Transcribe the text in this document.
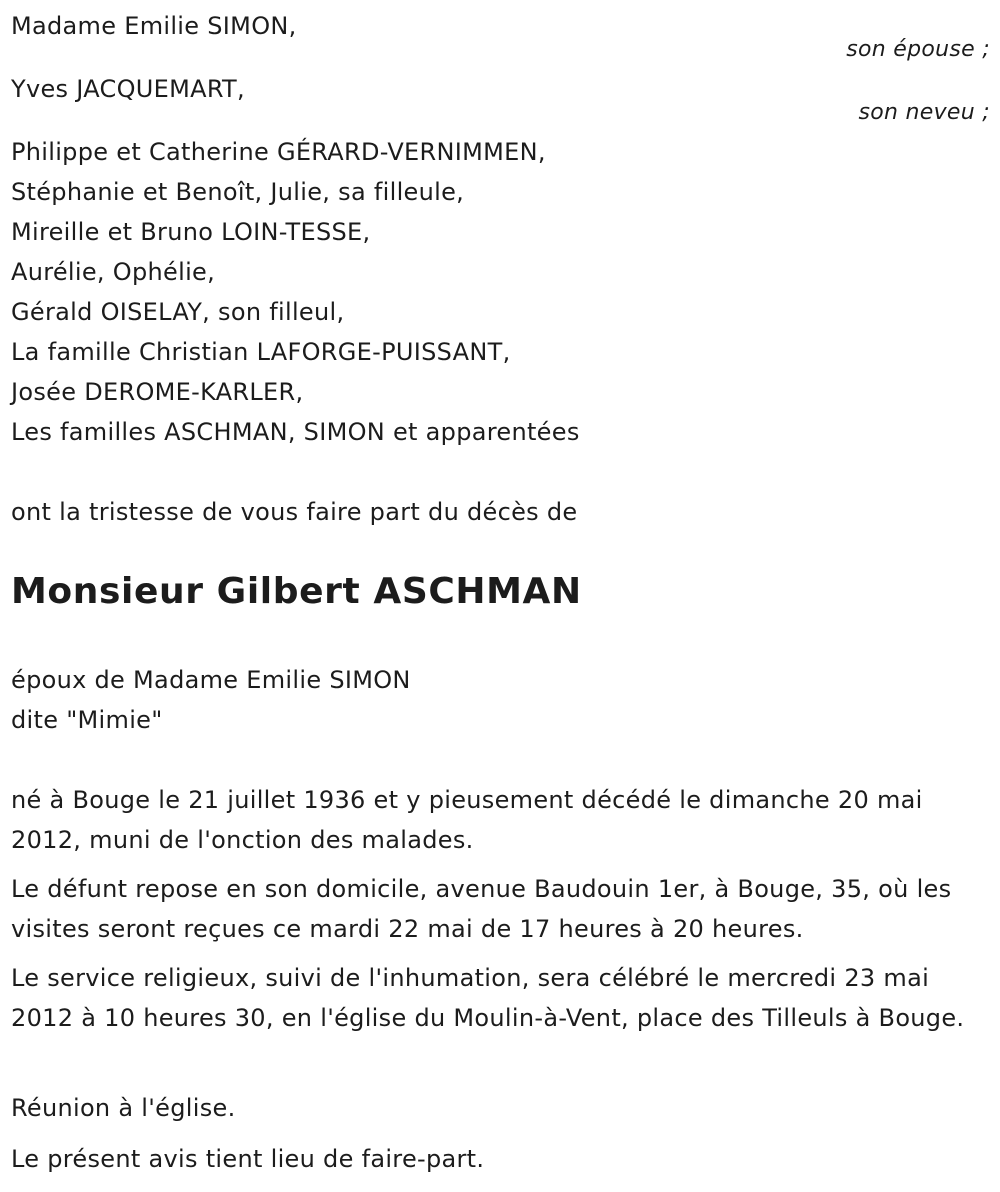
Madame Emilie SIMON,
son épouse ;
Yves JACQUEMART,
son neveu ;
Philippe et Catherine GÉRARD-VERNIMMEN,
Stéphanie et Benoît, Julie, sa filleule,
Mireille et Bruno LOIN-TESSE,
Aurélie, Ophélie,
Gérald OISELAY, son filleul,
La famille Christian LAFORGE-PUISSANT,
Josée DEROME-KARLER,
Les familles ASCHMAN, SIMON et apparentées
ont la tristesse de vous faire part du décès de
Monsieur Gilbert ASCHMAN
époux de Madame Emilie SIMON
dite "Mimie"
né à Bouge le 21 juillet 1936 et y pieusement décédé le dimanche 20 mai 2012, muni de l'onction des malades.
Le défunt repose en son domicile, avenue Baudouin 1er, à Bouge, 35, où les visites seront reçues ce mardi 22 mai de 17 heures à 20 heures.
Le service religieux, suivi de l'inhumation, sera célébré le mercredi 23 mai 2012 à 10 heures 30, en l'église du Moulin-à-Vent, place des Tilleuls à Bouge.
Réunion à l'église.
Le présent avis tient lieu de faire-part.
